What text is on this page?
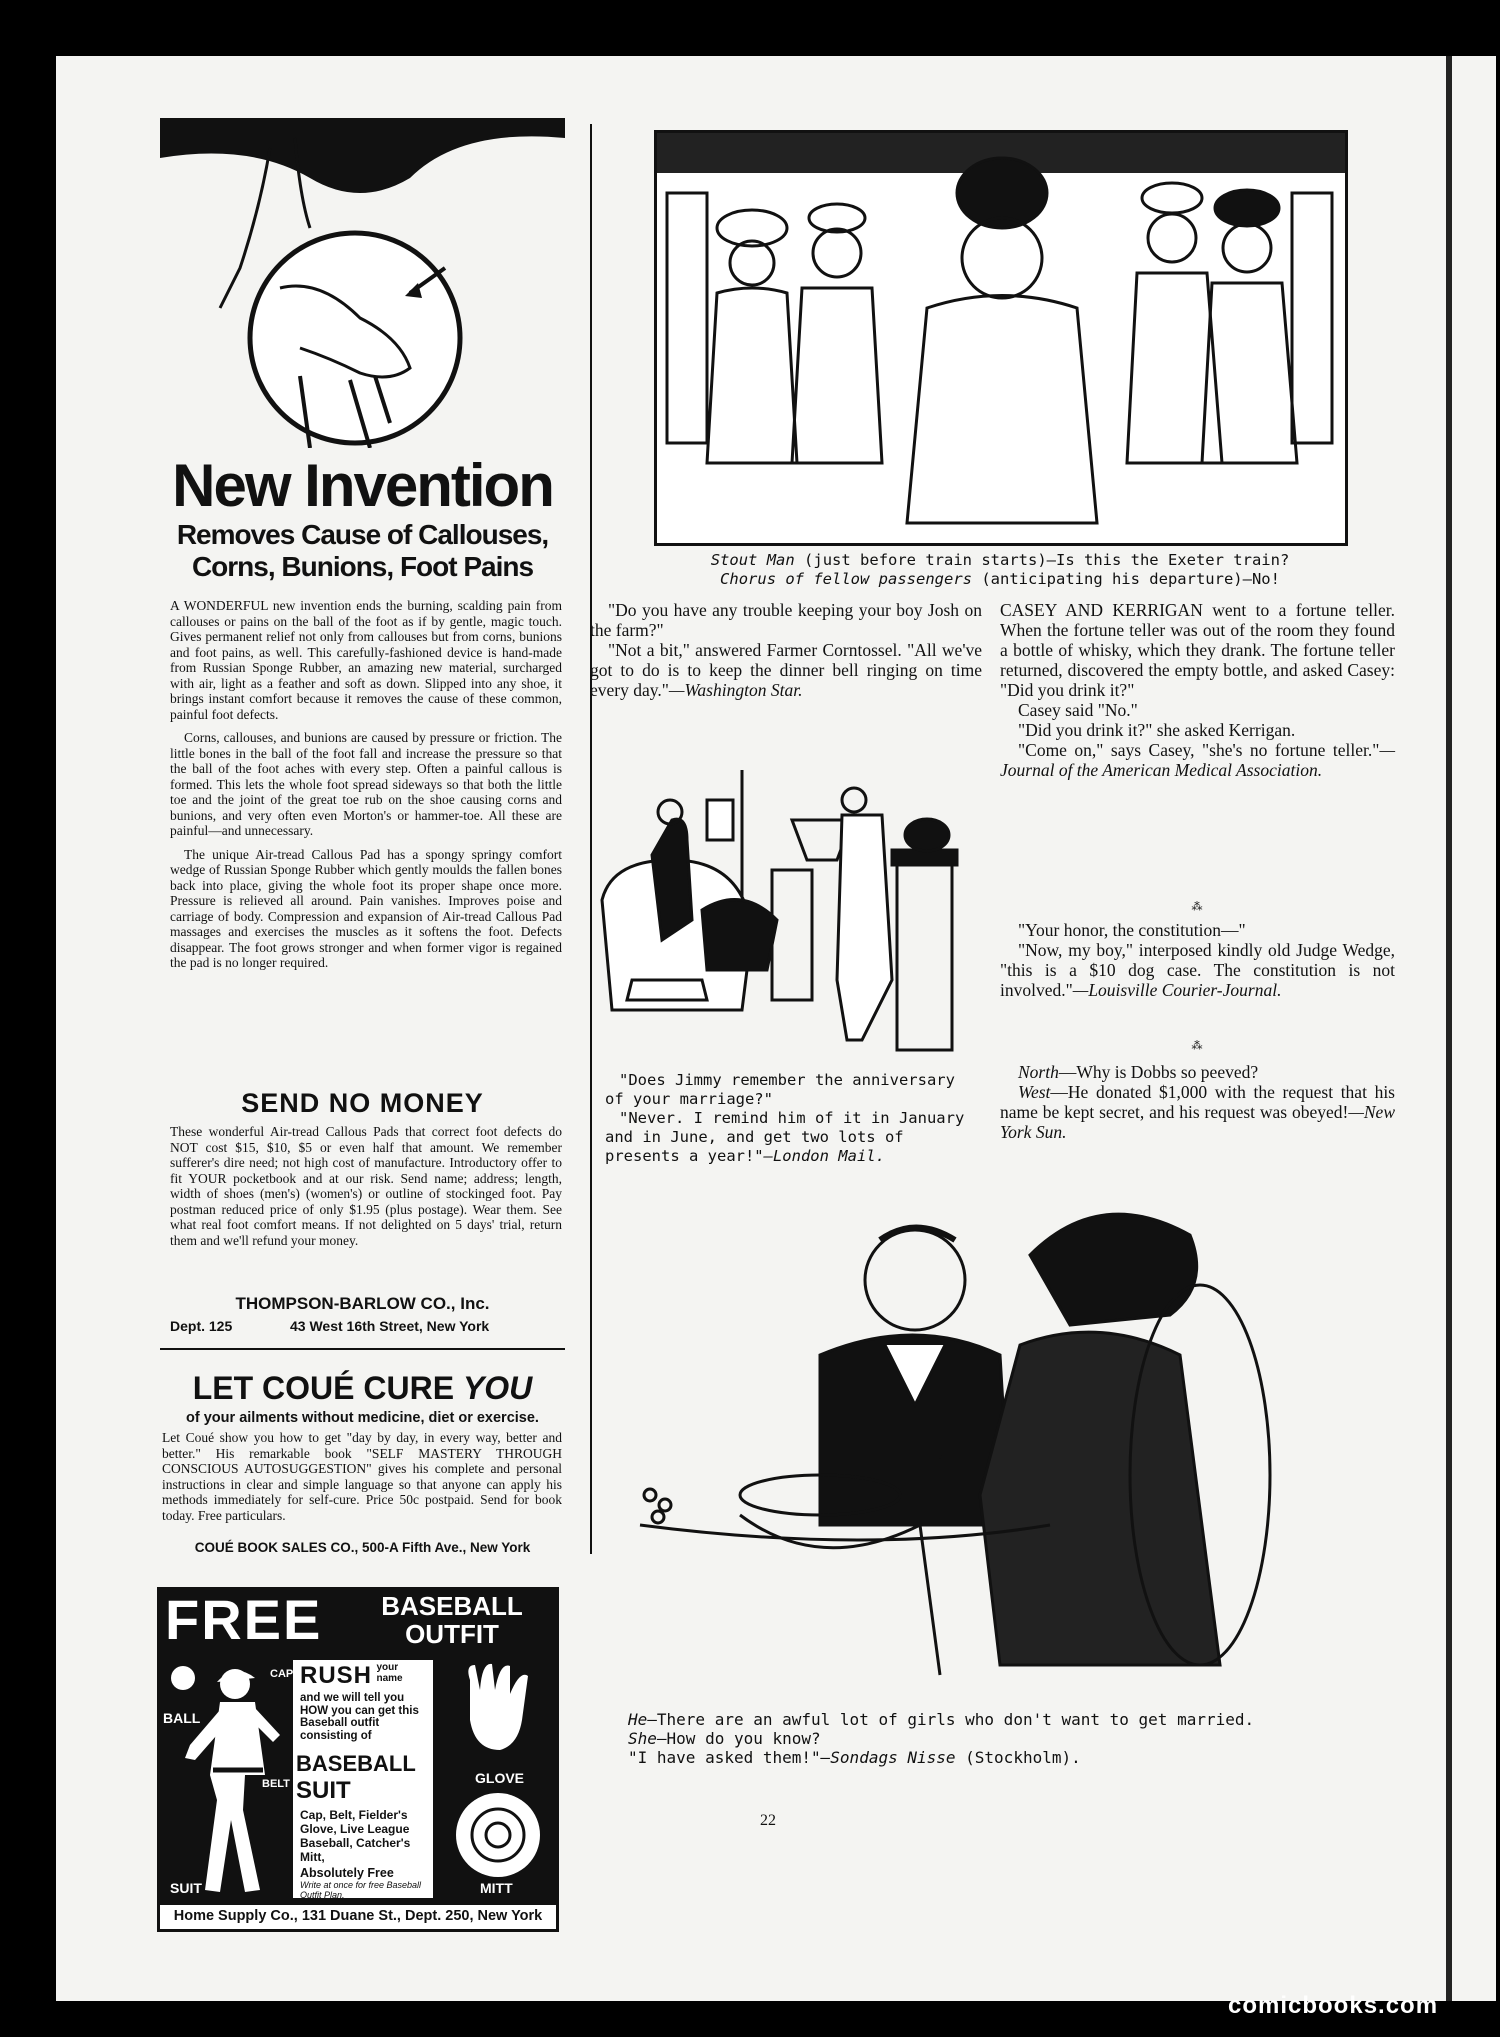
New Invention
Removes Cause of Callouses,
Corns, Bunions, Foot Pains

A WONDERFUL new invention ends the burning, scalding pain from callouses or pains on the ball of the foot as if by gentle, magic touch. Gives permanent relief not only from callouses but from corns, bunions and foot pains, as well. This carefully-fashioned device is hand-made from Russian Sponge Rubber, an amazing new material, surcharged with air, light as a feather and soft as down. Slipped into any shoe, it brings instant comfort because it removes the cause of these common, painful foot defects.

Corns, callouses, and bunions are caused by pressure or friction. The little bones in the ball of the foot fall and increase the pressure so that the ball of the foot aches with every step. Often a painful callous is formed. This lets the whole foot spread sideways so that both the little toe and the joint of the great toe rub on the shoe causing corns and bunions, and very often even Morton's or hammer-toe. All these are painful—and unnecessary.

The unique Air-tread Callous Pad has a spongy springy comfort wedge of Russian Sponge Rubber which gently moulds the fallen bones back into place, giving the whole foot its proper shape once more. Pressure is relieved all around. Pain vanishes. Improves poise and carriage of body. Compression and expansion of Air-tread Callous Pad massages and exercises the muscles as it softens the foot. Defects disappear. The foot grows stronger and when former vigor is regained the pad is no longer required.

SEND NO MONEY

These wonderful Air-tread Callous Pads that correct foot defects do NOT cost $15, $10, $5 or even half that amount. We remember sufferer's dire need; not high cost of manufacture. Introductory offer to fit YOUR pocketbook and at our risk. Send name; address; length, width of shoes (men's) (women's) or outline of stockinged foot. Pay postman reduced price of only $1.95 (plus postage). Wear them. See what real foot comfort means. If not delighted on 5 days' trial, return them and we'll refund your money.

THOMPSON-BARLOW CO., Inc.
Dept. 125	43 West 16th Street, New York
LET COUÉ CURE YOU
of your ailments without medicine, diet or exercise.

Let Coué show you how to get "day by day, in every way, better and better." His remarkable book "SELF MASTERY THROUGH CONSCIOUS AUTOSUGGESTION" gives his complete and personal instructions in clear and simple language so that anyone can apply his methods immediately for self-cure. Price 50c postpaid. Send for book today. Free particulars.

COUÉ BOOK SALES CO., 500-A Fifth Ave., New York
FREE	BASEBALL
OUTFIT
CAP
BALL
BELT
SUIT
RUSH your name
and we will tell you HOW you can get this Baseball outfit consisting of
BASEBALL
SUIT
Cap, Belt, Fielder's Glove, Live League Baseball, Catcher's Mitt,
Absolutely Free
Write at once for free Baseball Outfit Plan.
GLOVE
MITT
Home Supply Co., 131 Duane St., Dept. 250, New York
Stout Man (just before train starts)—Is this the Exeter train?
Chorus of fellow passengers (anticipating his departure)—No!

"Do you have any trouble keeping your boy Josh on the farm?"

"Not a bit," answered Farmer Corntossel. "All we've got to do is to keep the dinner bell ringing on time every day."—Washington Star.

"Does Jimmy remember the anniversary of your marriage?"

"Never. I remind him of it in January and in June, and get two lots of presents a year!"—London Mail.

CASEY AND KERRIGAN went to a fortune teller. When the fortune teller was out of the room they found a bottle of whisky, which they drank. The fortune teller returned, discovered the empty bottle, and asked Casey: "Did you drink it?"

Casey said "No."

"Did you drink it?" she asked Kerrigan.

"Come on," says Casey, "she's no fortune teller."—Journal of the American Medical Association.

⁂

"Your honor, the constitution—"

"Now, my boy," interposed kindly old Judge Wedge, "this is a $10 dog case. The constitution is not involved."—Louisville Courier-Journal.

⁂

North—Why is Dobbs so peeved?

West—He donated $1,000 with the request that his name be kept secret, and his request was obeyed!—New York Sun.

He—There are an awful lot of girls who don't want to get married.
She—How do you know?
"I have asked them!"—Sondags Nisse (Stockholm).
22
comicbooks.com
